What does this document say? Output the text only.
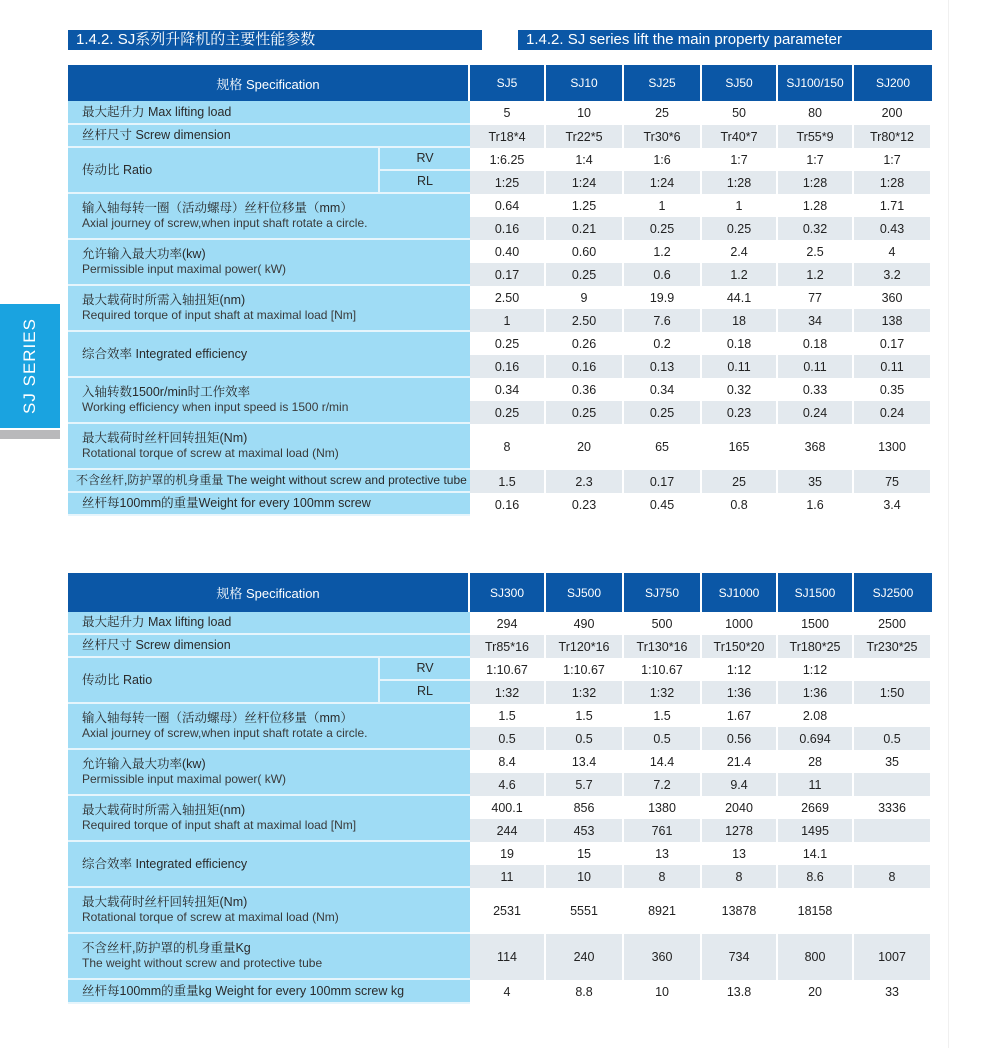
1.4.2. SJ系列升降机的主要性能参数	1.4.2. SJ series lift the main property parameter
SJ SERIES
规格 Specification		SJ5	SJ10	SJ25	SJ50	SJ100/150	SJ200
最大起升力 Max lifting load		5	10	25	50	80	200
丝杆尺寸 Screw dimension		Tr18*4	Tr22*5	Tr30*6	Tr40*7	Tr55*9	Tr80*12
传动比 Ratio	RV	1:6.25	1:4	1:6	1:7	1:7	1:7
	RL	1:25	1:24	1:24	1:28	1:28	1:28

输入轴每转一圈（活动螺母）丝杆位移量（mm）
Axial journey of screw,when input shaft rotate a circle.		0.64	1.25	1	1	1.28	1.71
		0.16	0.21	0.25	0.25	0.32	0.43

允许输入最大功率(kw)
Permissible input maximal power( kW)		0.40	0.60	1.2	2.4	2.5	4
		0.17	0.25	0.6	1.2	1.2	3.2

最大载荷时所需入轴扭矩(nm)
Required torque of input shaft at maximal load [Nm]		2.50	9	19.9	44.1	77	360
		1	2.50	7.6	18	34	138
综合效率 Integrated efficiency		0.25	0.26	0.2	0.18	0.18	0.17
		0.16	0.16	0.13	0.11	0.11	0.11

入轴转数1500r/min时工作效率
Working efficiency when input speed is 1500 r/min		0.34	0.36	0.34	0.32	0.33	0.35
		0.25	0.25	0.25	0.23	0.24	0.24

最大载荷时丝杆回转扭矩(Nm)
Rotational torque of screw at maximal load (Nm)		8	20	65	165	368	1300
不含丝杆,防护罩的机身重量 The weight without screw and protective tube		1.5	2.3	0.17	25	35	75
丝杆每100mm的重量Weight for every 100mm screw		0.16	0.23	0.45	0.8	1.6	3.4
规格 Specification		SJ300	SJ500	SJ750	SJ1000	SJ1500	SJ2500
最大起升力 Max lifting load		294	490	500	1000	1500	2500
丝杆尺寸 Screw dimension		Tr85*16	Tr120*16	Tr130*16	Tr150*20	Tr180*25	Tr230*25
传动比 Ratio	RV	1:10.67	1:10.67	1:10.67	1:12	1:12	
	RL	1:32	1:32	1:32	1:36	1:36	1:50

输入轴每转一圈（活动螺母）丝杆位移量（mm）
Axial journey of screw,when input shaft rotate a circle.		1.5	1.5	1.5	1.67	2.08	
		0.5	0.5	0.5	0.56	0.694	0.5

允许输入最大功率(kw)
Permissible input maximal power( kW)		8.4	13.4	14.4	21.4	28	35
		4.6	5.7	7.2	9.4	11	

最大载荷时所需入轴扭矩(nm)
Required torque of input shaft at maximal load [Nm]		400.1	856	1380	2040	2669	3336
		244	453	761	1278	1495	
综合效率 Integrated efficiency		19	15	13	13	14.1	
		11	10	8	8	8.6	8

最大载荷时丝杆回转扭矩(Nm)
Rotational torque of screw at maximal load (Nm)		2531	5551	8921	13878	18158	

不含丝杆,防护罩的机身重量Kg
The weight without screw and protective tube		114	240	360	734	800	1007
丝杆每100mm的重量kg Weight for every 100mm screw kg		4	8.8	10	13.8	20	33
